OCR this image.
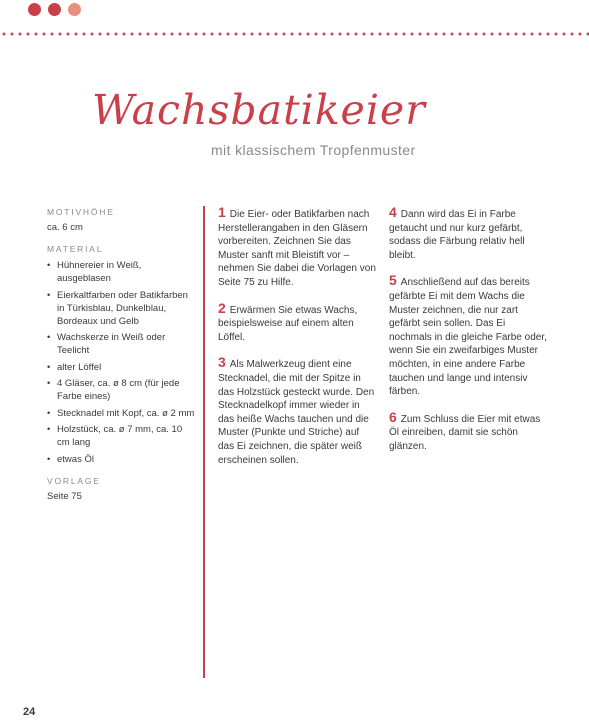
Wachsbatikeier
mit klassischem Tropfenmuster
MOTIVHÖHE
ca. 6 cm
MATERIAL
• Hühnereier in Weiß, ausgeblasen
• Eierkaltfarben oder Batikfarben in Türkisblau, Dunkelblau, Bordeaux und Gelb
• Wachskerze in Weiß oder Teelicht
• alter Löffel
• 4 Gläser, ca. ø 8 cm (für jede Farbe eines)
• Stecknadel mit Kopf, ca. ø 2 mm
• Holzstück, ca. ø 7 mm, ca. 10 cm lang
• etwas Öl
VORLAGE
Seite 75
1 Die Eier- oder Batikfarben nach Herstellerangaben in den Gläsern vorbereiten. Zeichnen Sie das Muster sanft mit Bleistift vor – nehmen Sie dabei die Vorlagen von Seite 75 zu Hilfe.
2 Erwärmen Sie etwas Wachs, beispielsweise auf einem alten Löffel.
3 Als Malwerkzeug dient eine Stecknadel, die mit der Spitze in das Holzstück gesteckt wurde. Den Stecknadelkopf immer wieder in das heiße Wachs tauchen und die Muster (Punkte und Striche) auf das Ei zeichnen, die später weiß erscheinen sollen.
4 Dann wird das Ei in Farbe getaucht und nur kurz gefärbt, sodass die Färbung relativ hell bleibt.
5 Anschließend auf das bereits gefärbte Ei mit dem Wachs die Muster zeichnen, die nur zart gefärbt sein sollen. Das Ei nochmals in die gleiche Farbe oder, wenn Sie ein zweifarbiges Muster möchten, in eine andere Farbe tauchen und lange und intensiv färben.
6 Zum Schluss die Eier mit etwas Öl einreiben, damit sie schön glänzen.
24
